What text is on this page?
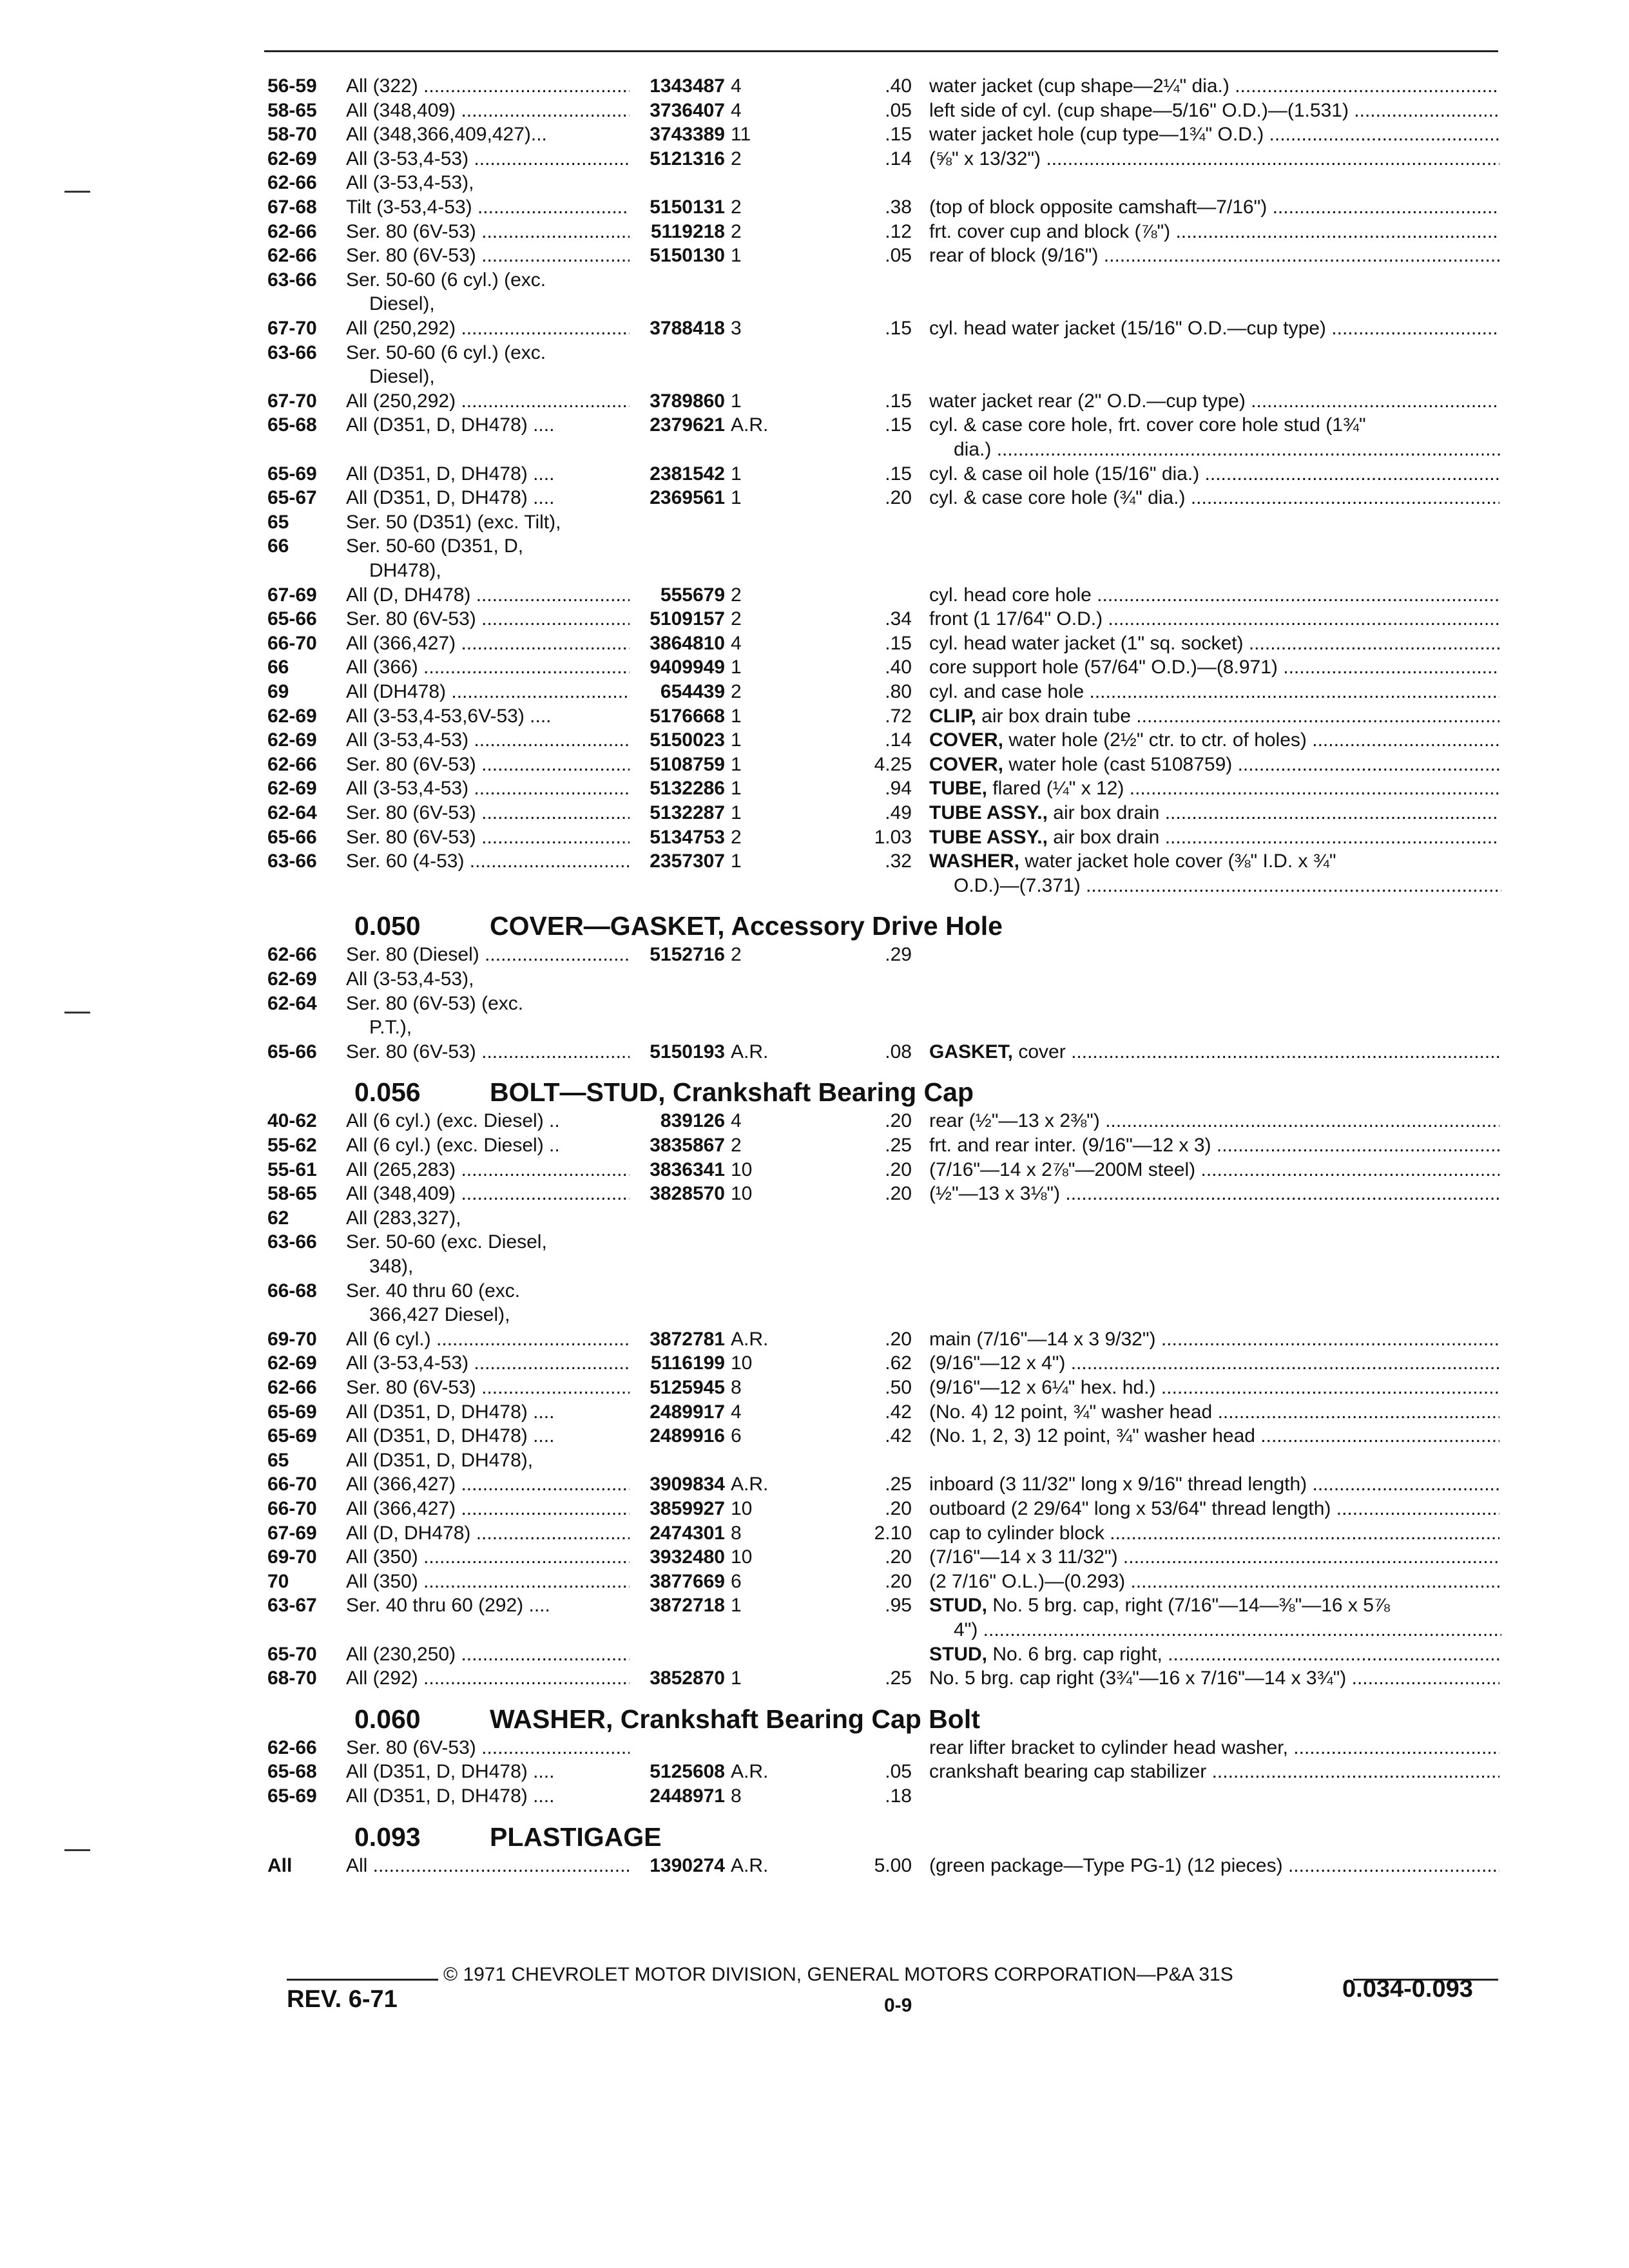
56-59 All (322) .....	1343487 4	.40 water jacket (cup shape—2¼" dia.) .....
58-65 All (348,409) .....	3736407 4	.05 left side of cyl. (cup shape—5/16" O.D.)—(1.531) .....
58-70 All (348,366,409,427)...	3743389 11	.15 water jacket hole (cup type—1¾" O.D.) .....
62-69 All (3-53,4-53) .....	5121316 2	.14 (⅝" x 13/32") .....
62-66 All (3-53,4-53),
67-68 Tilt (3-53,4-53) .....	5150131 2	.38 (top of block opposite camshaft—7/16") .....
62-66 Ser. 80 (6V-53) .....	5119218 2	.12 frt. cover cup and block (⅞") .....
62-66 Ser. 80 (6V-53) .....	5150130 1	.05 rear of block (9/16") .....
63-66 Ser. 50-60 (6 cyl.) (exc.
Diesel),
67-70 All (250,292) .....	3788418 3	.15 cyl. head water jacket (15/16" O.D.—cup type) .....
63-66 Ser. 50-60 (6 cyl.) (exc.
Diesel),
67-70 All (250,292) .....	3789860 1	.15 water jacket rear (2" O.D.—cup type) .....
65-68 All (D351, D, DH478) ....	2379621 A.R.	.15 cyl. & case core hole, frt. cover core hole stud (1¾"
dia.) .....
65-69 All (D351, D, DH478) ....	2381542 1	.15 cyl. & case oil hole (15/16" dia.) .....
65-67 All (D351, D, DH478) ....	2369561 1	.20 cyl. & case core hole (¾" dia.) .....
65	Ser. 50 (D351) (exc. Tilt),
66	Ser. 50-60 (D351, D,
DH478),
67-69 All (D, DH478) .....	555679 2	cyl. head core hole .....
65-66 Ser. 80 (6V-53) .....	5109157 2	.34 front (1 17/64" O.D.) .....
66-70 All (366,427) .....	3864810 4	.15 cyl. head water jacket (1" sq. socket) .....
66	All (366) .....	9409949 1	.40 core support hole (57/64" O.D.)—(8.971) .....
69	All (DH478) .....	654439 2	.80 cyl. and case hole .....
62-69 All (3-53,4-53,6V-53) ....	5176668 1	.72 CLIP, air box drain tube .....
62-69 All (3-53,4-53) .....	5150023 1	.14 COVER, water hole (2½" ctr. to ctr. of holes) .....
62-66 Ser. 80 (6V-53) .....	5108759 1	4.25 COVER, water hole (cast 5108759) .....
62-69 All (3-53,4-53) .....	5132286 1	.94 TUBE, flared (¼" x 12) .....
62-64 Ser. 80 (6V-53) .....	5132287 1	.49 TUBE ASSY., air box drain .....
65-66 Ser. 80 (6V-53) .....	5134753 2	1.03 TUBE ASSY., air box drain .....
63-66 Ser. 60 (4-53) .....	2357307 1	.32 WASHER, water jacket hole cover (⅜" I.D. x ¾"
O.D.)—(7.371) .....
0.050	COVER—GASKET, Accessory Drive Hole
62-66 Ser. 80 (Diesel) .....	5152716 2	.29
62-69 All (3-53,4-53),
62-64 Ser. 80 (6V-53) (exc.
P.T.),
65-66 Ser. 80 (6V-53) .....	5150193 A.R.	.08 GASKET, cover .....
0.056	BOLT—STUD, Crankshaft Bearing Cap
40-62 All (6 cyl.) (exc. Diesel) ..	839126 4	.20 rear (½"—13 x 2⅜") .....
55-62 All (6 cyl.) (exc. Diesel) ..	3835867 2	.25 frt. and rear inter. (9/16"—12 x 3) .....
55-61 All (265,283) .....	3836341 10	.20 (7/16"—14 x 2⅞"—200M steel) .....
58-65 All (348,409) .....	3828570 10	.20 (½"—13 x 3⅛") .....
62	All (283,327),
63-66 Ser. 50-60 (exc. Diesel,
348),
66-68 Ser. 40 thru 60 (exc.
366,427 Diesel),
69-70 All (6 cyl.) .....	3872781 A.R.	.20 main (7/16"—14 x 3 9/32") .....
62-69 All (3-53,4-53) .....	5116199 10	.62 (9/16"—12 x 4") .....
62-66 Ser. 80 (6V-53) .....	5125945 8	.50 (9/16"—12 x 6¼" hex. hd.) .....
65-69 All (D351, D, DH478) ....	2489917 4	.42 (No. 4) 12 point, ¾" washer head .....
65-69 All (D351, D, DH478) ....	2489916 6	.42 (No. 1, 2, 3) 12 point, ¾" washer head .....
65	All (D351, D, DH478),
66-70 All (366,427) .....	3909834 A.R.	.25 inboard (3 11/32" long x 9/16" thread length) .....
66-70 All (366,427) .....	3859927 10	.20 outboard (2 29/64" long x 53/64" thread length) .....
67-69 All (D, DH478) .....	2474301 8	2.10 cap to cylinder block .....
69-70 All (350) .....	3932480 10	.20 (7/16"—14 x 3 11/32") .....
70	All (350) .....	3877669 6	.20 (2 7/16" O.L.)—(0.293) .....
63-67 Ser. 40 thru 60 (292) ....	3872718 1	.95 STUD, No. 5 brg. cap, right (7/16"—14—⅜"—16 x 5⅞
4") .....
65-70 All (230,250) .....	STUD, No. 6 brg. cap right, .....
68-70 All (292) .....	3852870 1	.25 No. 5 brg. cap right (3¾"—16 x 7/16"—14 x 3¾") .....
0.060	WASHER, Crankshaft Bearing Cap Bolt
62-66 Ser. 80 (6V-53) .....	rear lifter bracket to cylinder head washer, .....
65-68 All (D351, D, DH478) ....	5125608 A.R.	.05 crankshaft bearing cap stabilizer .....
65-69 All (D351, D, DH478) ....	2448971 8	.18
0.093	PLASTIGAGE
All	All .....	1390274 A.R.	5.00 (green package—Type PG-1) (12 pieces) .....
© 1971 CHEVROLET MOTOR DIVISION, GENERAL MOTORS CORPORATION—P&A 31S
REV. 6-71	0-9
0.034-0.093
